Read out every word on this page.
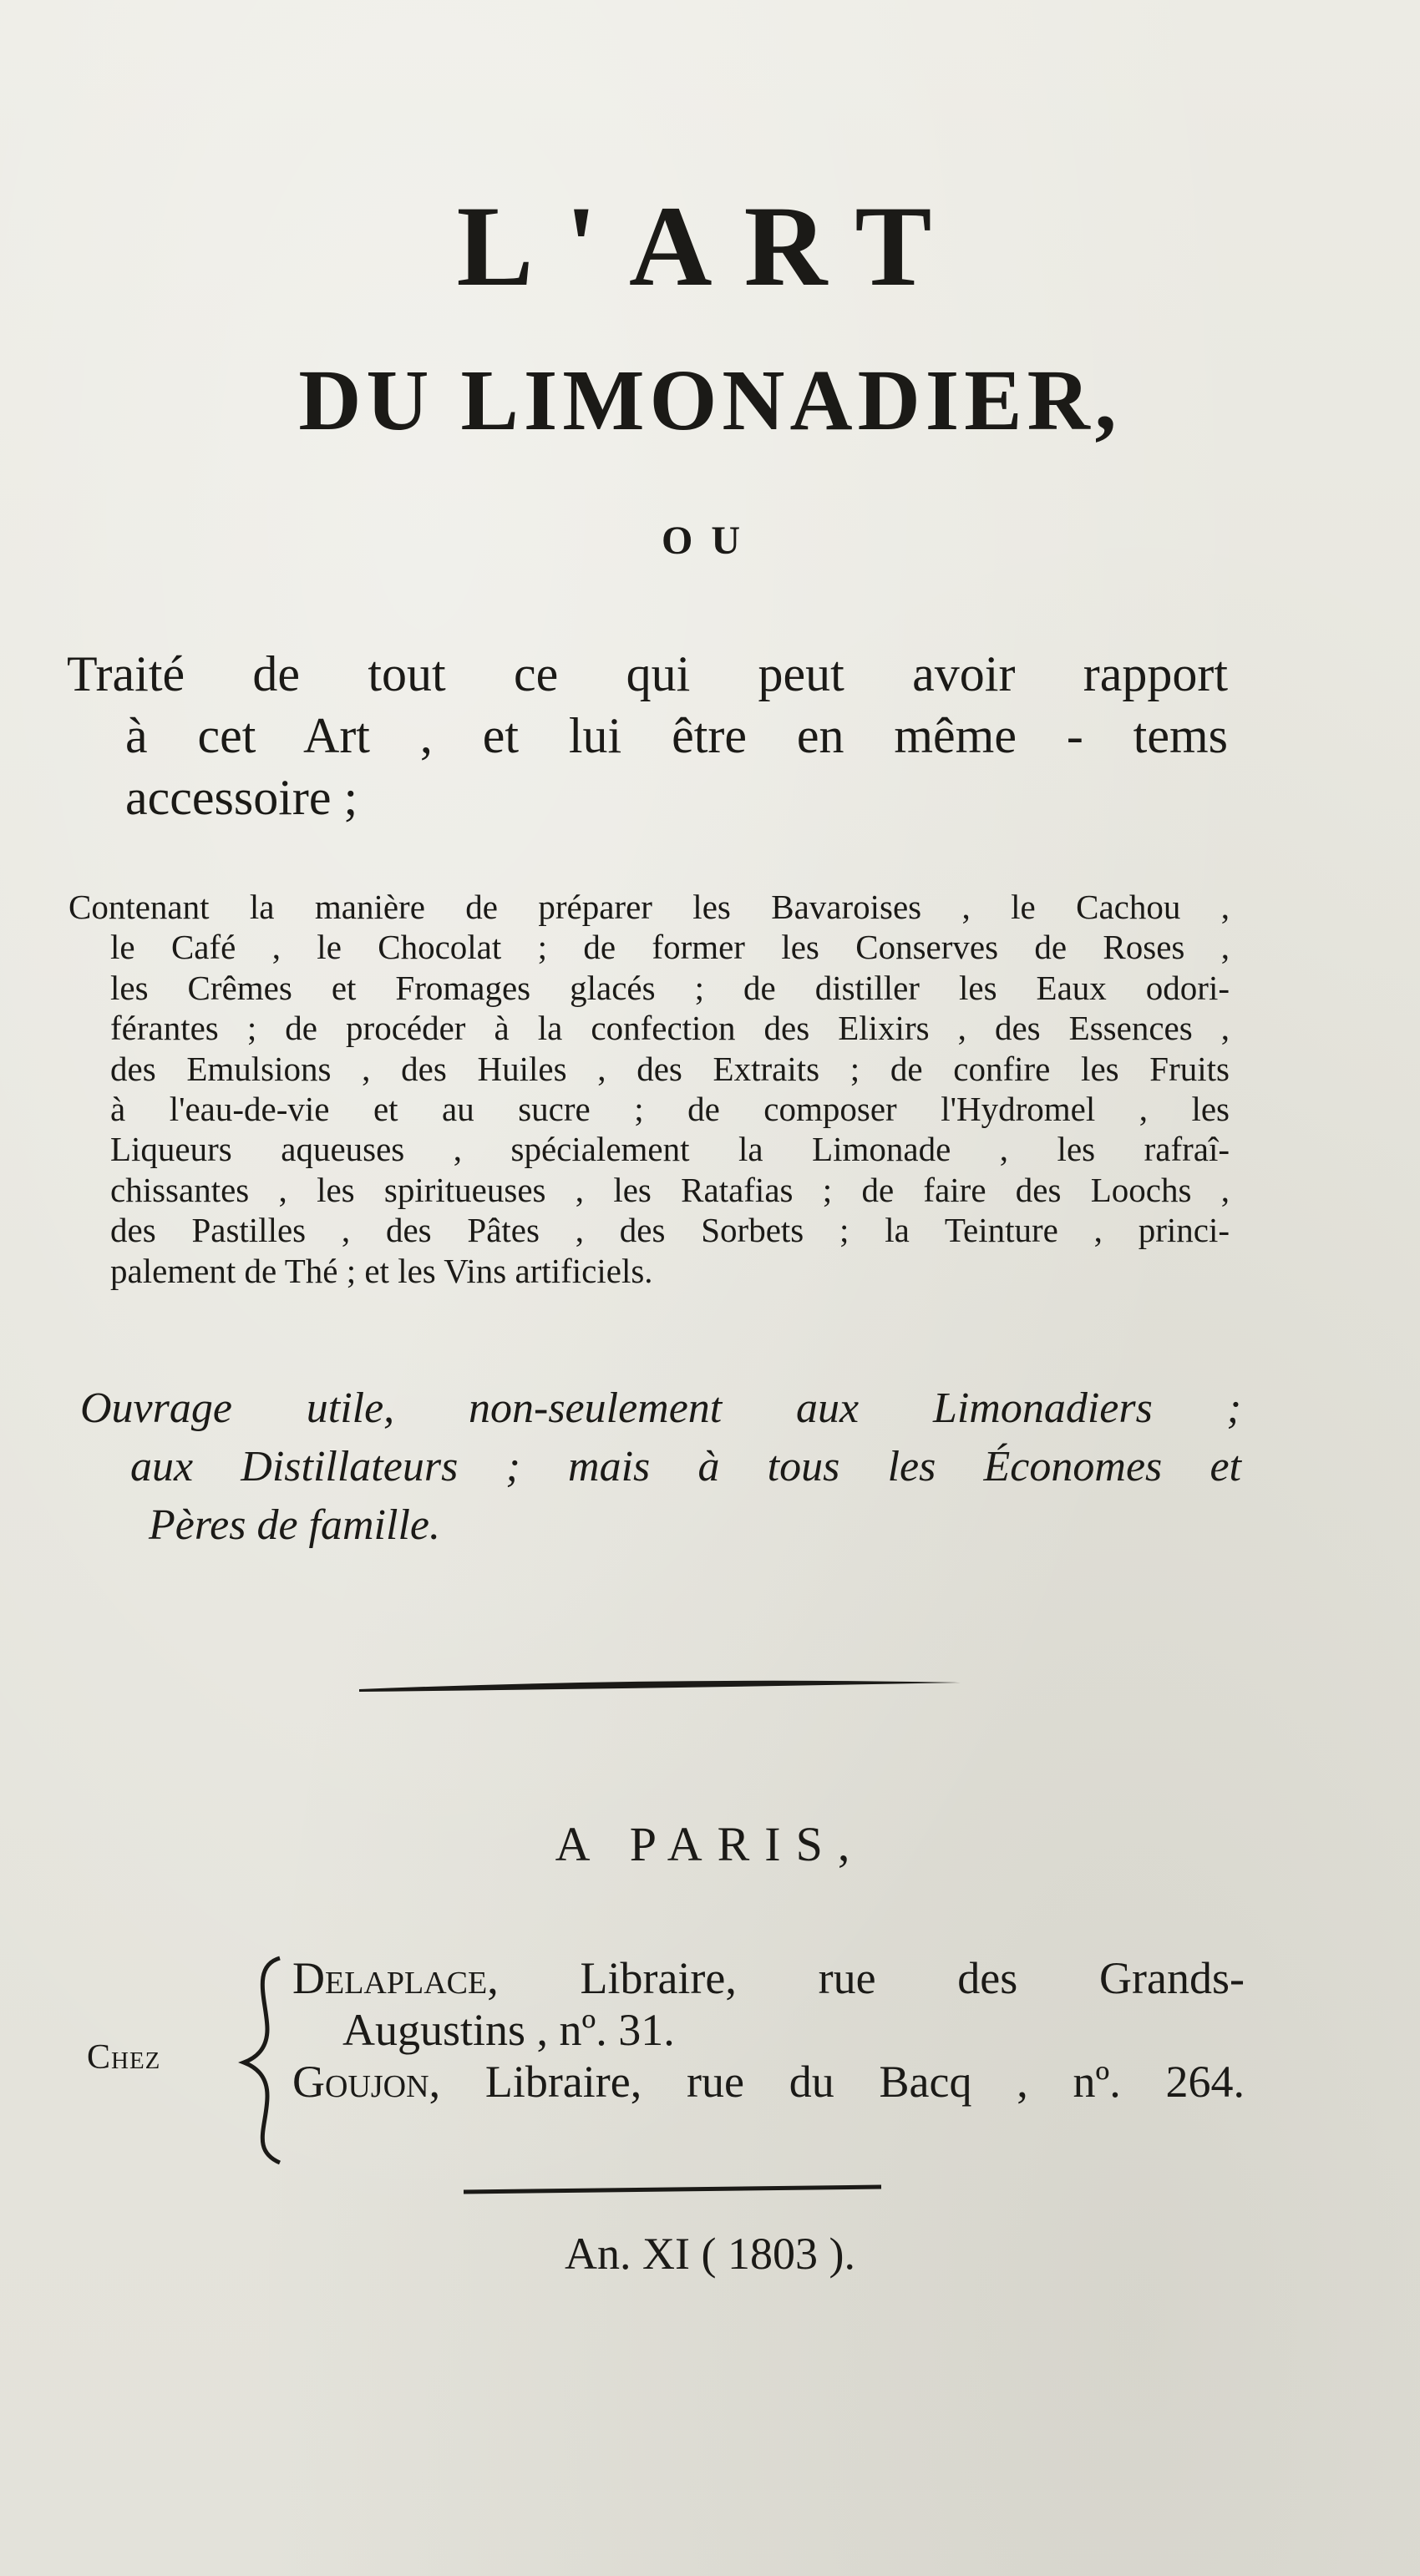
L'ART
DU LIMONADIER,
OU
Traité de tout ce qui peut avoir rapport
à cet Art , et lui être en même - tems
accessoire ;
Contenant la manière de préparer les Bavaroises , le Cachou ,
le Café , le Chocolat ; de former les Conserves de Roses ,
les Crêmes et Fromages glacés ; de distiller les Eaux odori-
férantes ; de procéder à la confection des Elixirs , des Essences ,
des Emulsions , des Huiles , des Extraits ; de confire les Fruits
à l'eau-de-vie et au sucre ; de composer l'Hydromel , les
Liqueurs aqueuses , spécialement la Limonade , les rafraî-
chissantes , les spiritueuses , les Ratafias ; de faire des Loochs ,
des Pastilles , des Pâtes , des Sorbets ; la Teinture , princi-
palement de Thé ; et les Vins artificiels.
Ouvrage utile, non-seulement aux Limonadiers ;
aux Distillateurs ; mais à tous les Économes et
Pères de famille.
A PARIS,
Chez
Delaplace, Libraire, rue des Grands-
Augustins , nº. 31.
Goujon, Libraire, rue du Bacq , nº. 264.
An. XI ( 1803 ).
